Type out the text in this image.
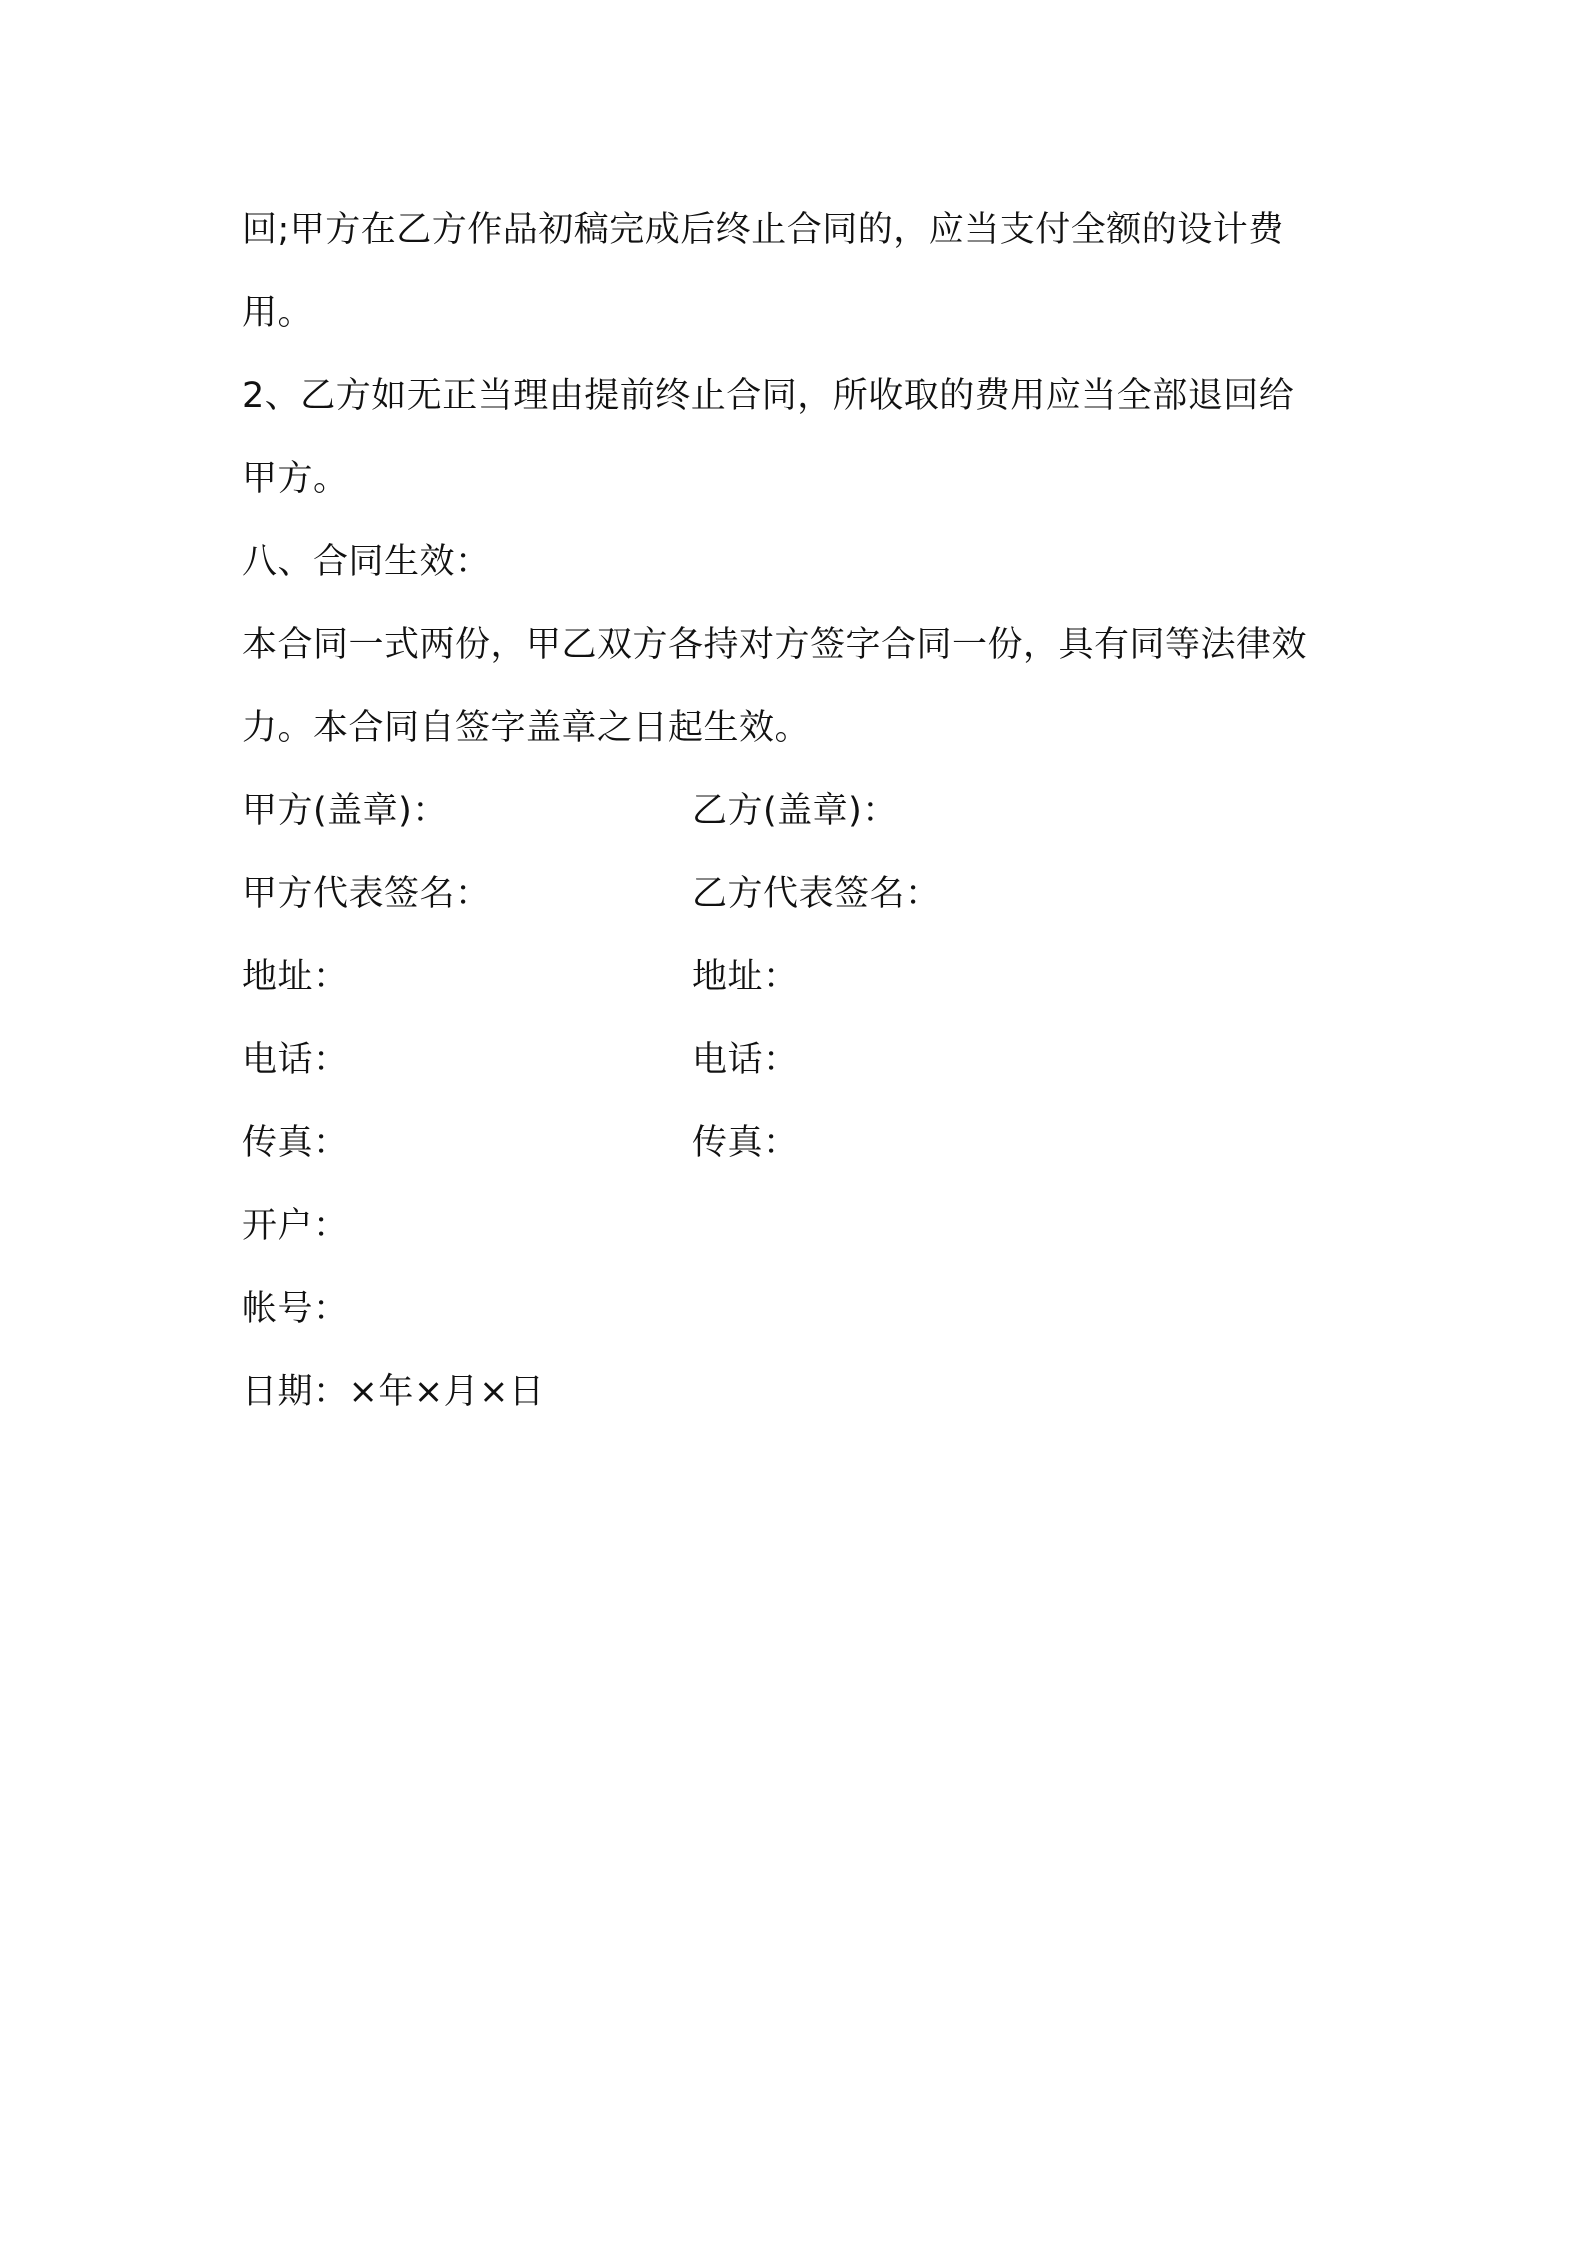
回;甲方在乙方作品初稿完成后终止合同的，应当支付全额的设计费
用。
2、乙方如无正当理由提前终止合同，所收取的费用应当全部退回给
甲方。
八、合同生效：
本合同一式两份，甲乙双方各持对方签字合同一份，具有同等法律效
力。本合同自签字盖章之日起生效。
甲方(盖章)：	乙方(盖章)：
甲方代表签名：	乙方代表签名：
地址：	地址：
电话：	电话：
传真：	传真：
开户：
帐号：
日期：×年×月×日
